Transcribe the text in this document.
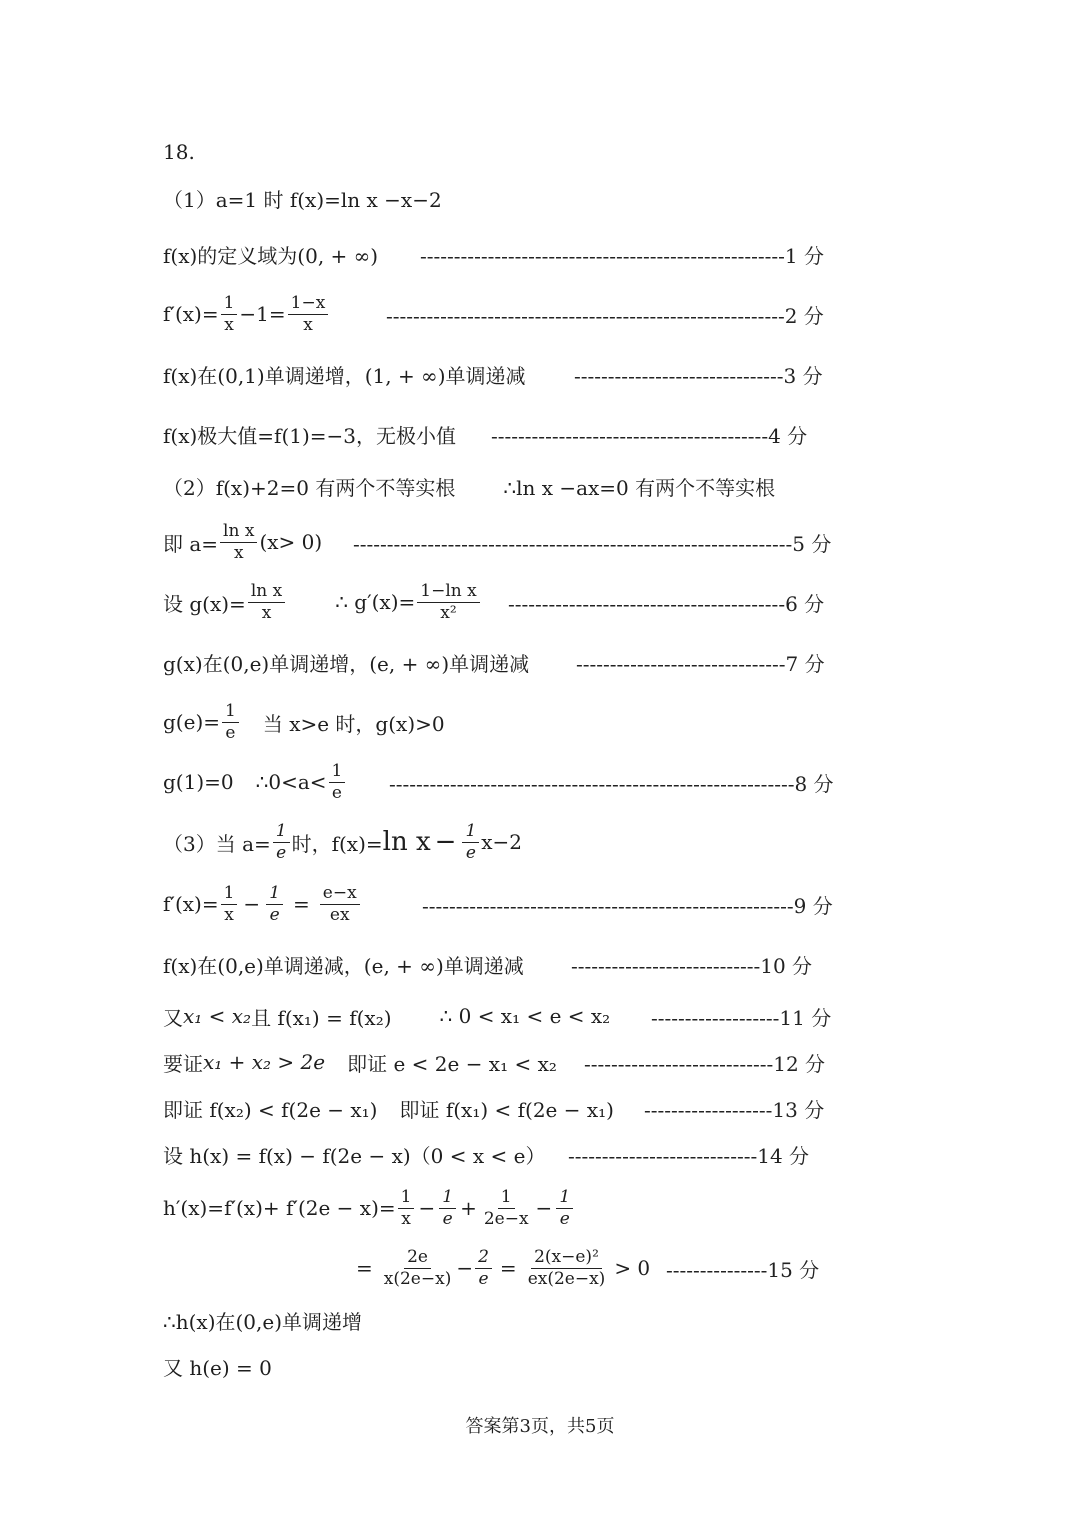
18.
（1）a=1 时 f(x)=ln x −x−2
f(x)的定义域为(0, + ∞) ------------------------------------------------------1 分
$f'(x)= \frac{1}{x} -1= \frac{1-x}{x}$	-----------------------------------------------------------2 分
f(x)在(0,1)单调递增，(1, + ∞)单调递减 -------------------------------3 分
f(x)极大值=f(1)=−3，无极小值 -----------------------------------------4 分
（2）f(x)+2=0 有两个不等实根 ∴ln x −ax=0 有两个不等实根
即 $a= \frac{\text{ln x}}{x} (x> 0)$ -----------------------------------------------------------------5 分
设 $g(x)= \frac{\text{ln x}}{x}$	∴ $g'(x)= \frac{\text{1−ln x}}{\text{x²}} -----------------------------------------6$ 分
g(x)在(0,e)单调递增，(e, + ∞)单调递减 -------------------------------7 分
$g(e)= \frac{1}{e}$ 当 x>e 时，g(x)>0
g(1)=0 ∴0<a< $\frac{1}{e} ------------------------------------------------------------8$ 分
（3）当 $a= \frac{1}{e}$ 时，$f(x)= \ln x - \frac{1}{e} x-2$
$f'(x)= \frac{1}{x} - \frac{1}{e} = \frac{e-x}{ex}$	-------------------------------------------------------9 分
f(x)在(0,e)单调递减，(e, + ∞)单调递减 ----------------------------10 分
又 x₁ < x₂ 且 f(x₁) = f(x₂) ∴ 0 < x₁ < e < x₂ -------------------11 分
要证 x₁ + x₂ > 2e 即证 e < 2e − x₁ < x₂ ----------------------------12 分
即证 f(x₂) < f(2e − x₁) 即证 f(x₁) < f(2e − x₁) -------------------13 分
设 h(x) = f(x) − f(2e − x)（0 < x < e） ----------------------------14 分
$h'(x)=f'(x)+ f'(2e - x)= \frac{1}{x} - \frac{1}{e} + \frac{1}{2e-x} - \frac{1}{e}$
= $\frac{2e}{x(2e-x)} - \frac{2}{e} = \frac{\text{2(x−e)²}}{ex(2e-x)} > 0$ ---------------15 分
∴h(x)在(0,e)单调递增
又 h(e) = 0
答案第3页，共5页
